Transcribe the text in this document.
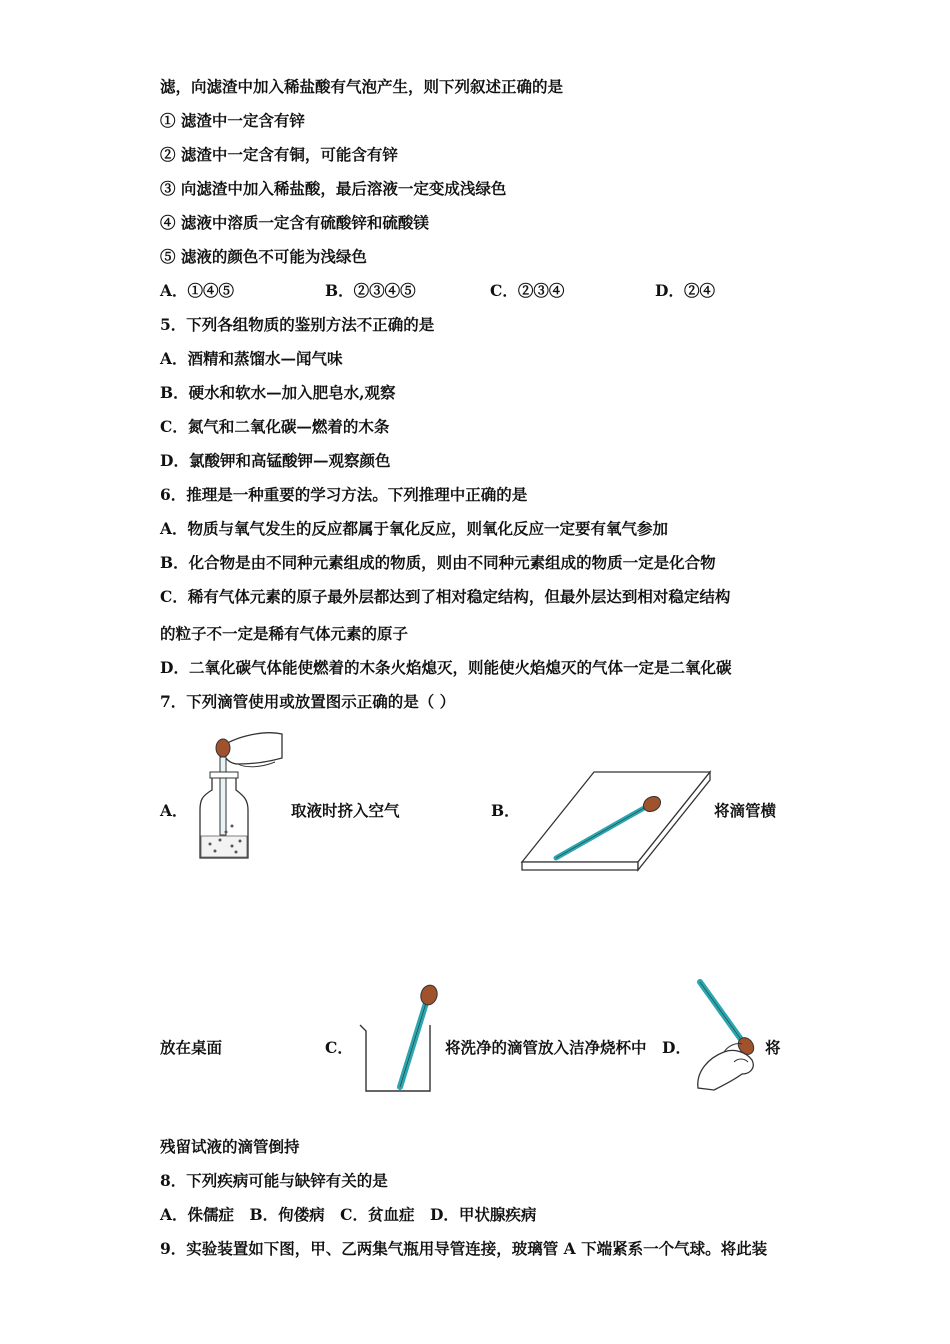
滤，向滤渣中加入稀盐酸有气泡产生，则下列叙述正确的是
① 滤渣中一定含有锌
② 滤渣中一定含有铜，可能含有锌
③ 向滤渣中加入稀盐酸，最后溶液一定变成浅绿色
④ 滤液中溶质一定含有硫酸锌和硫酸镁
⑤ 滤液的颜色不可能为浅绿色
A．①④⑤	B．②③④⑤	C．②③④	D．②④
5．下列各组物质的鉴别方法不正确的是
A．酒精和蒸馏水—闻气味
B．硬水和软水—加入肥皂水,观察
C．氮气和二氧化碳—燃着的木条
D．氯酸钾和高锰酸钾—观察颜色
6．推理是一种重要的学习方法。下列推理中正确的是
A．物质与氧气发生的反应都属于氧化反应，则氧化反应一定要有氧气参加
B．化合物是由不同种元素组成的物质，则由不同种元素组成的物质一定是化合物
C．稀有气体元素的原子最外层都达到了相对稳定结构，但最外层达到相对稳定结构
的粒子不一定是稀有气体元素的原子
D．二氧化碳气体能使燃着的木条火焰熄灭，则能使火焰熄灭的气体一定是二氧化碳
7．下列滴管使用或放置图示正确的是（ ）
A．	取液时挤入空气	B．	将滴管横
放在桌面	C．	将洗净的滴管放入洁净烧杯中 D．	将
残留试液的滴管倒持
8．下列疾病可能与缺锌有关的是
A．侏儒症　B．佝偻病　C．贫血症　D．甲状腺疾病
9．实验装置如下图，甲、乙两集气瓶用导管连接，玻璃管 A 下端紧系一个气球。将此装
